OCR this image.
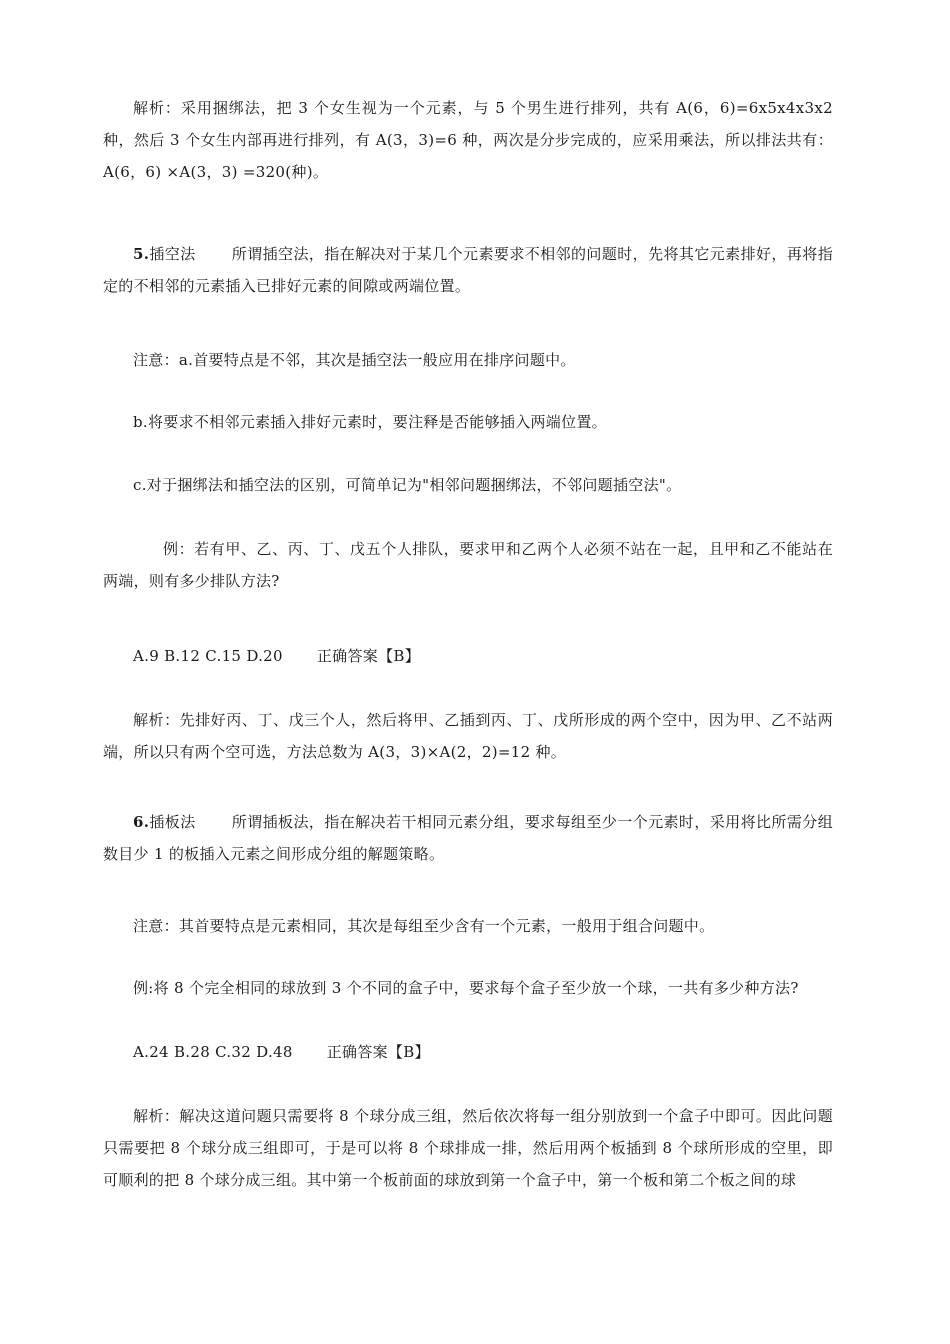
解析：采用捆绑法，把 3 个女生视为一个元素，与 5 个男生进行排列，共有 A(6，6)=6x5x4x3x2 种，然后 3 个女生内部再进行排列，有 A(3，3)=6 种，两次是分步完成的，应采用乘法，所以排法共有：A(6，6) ×A(3，3) =320(种)。

5.插空法 所谓插空法，指在解决对于某几个元素要求不相邻的问题时，先将其它元素排好，再将指定的不相邻的元素插入已排好元素的间隙或两端位置。

注意：a.首要特点是不邻，其次是插空法一般应用在排序问题中。

b.将要求不相邻元素插入排好元素时，要注释是否能够插入两端位置。

c.对于捆绑法和插空法的区别，可简单记为"相邻问题捆绑法，不邻问题插空法"。

例：若有甲、乙、丙、丁、戊五个人排队，要求甲和乙两个人必须不站在一起，且甲和乙不能站在两端，则有多少排队方法?

A.9 B.12 C.15 D.20 正确答案【B】

解析：先排好丙、丁、戊三个人，然后将甲、乙插到丙、丁、戊所形成的两个空中，因为甲、乙不站两端，所以只有两个空可选，方法总数为 A(3，3)×A(2，2)=12 种。

6.插板法 所谓插板法，指在解决若干相同元素分组，要求每组至少一个元素时，采用将比所需分组数目少 1 的板插入元素之间形成分组的解题策略。

注意：其首要特点是元素相同，其次是每组至少含有一个元素，一般用于组合问题中。

例:将 8 个完全相同的球放到 3 个不同的盒子中，要求每个盒子至少放一个球，一共有多少种方法?

A.24 B.28 C.32 D.48 正确答案【B】

解析：解决这道问题只需要将 8 个球分成三组，然后依次将每一组分别放到一个盒子中即可。因此问题只需要把 8 个球分成三组即可，于是可以将 8 个球排成一排，然后用两个板插到 8 个球所形成的空里，即可顺利的把 8 个球分成三组。其中第一个板前面的球放到第一个盒子中，第一个板和第二个板之间的球
